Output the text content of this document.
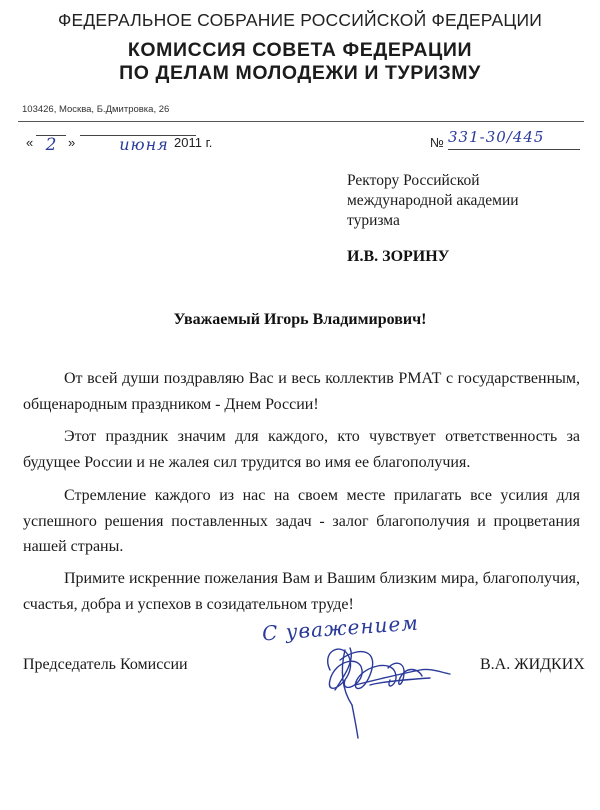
ФЕДЕРАЛЬНОЕ СОБРАНИЕ РОССИЙСКОЙ ФЕДЕРАЦИИ
КОМИССИЯ СОВЕТА ФЕДЕРАЦИИ
ПО ДЕЛАМ МОЛОДЕЖИ И ТУРИЗМУ
103426, Москва, Б.Дмитровка, 26
« 2 »	июня 2011 г.	№ 331-30/445
Ректору Российской
международной академии
туризма
И.В. ЗОРИНУ
Уважаемый Игорь Владимирович!
От всей души поздравляю Вас и весь коллектив РМАТ с государственным, общенародным праздником - Днем России!
Этот праздник значим для каждого, кто чувствует ответственность за будущее России и не жалея сил трудится во имя ее благополучия.
Стремление каждого из нас на своем месте прилагать все усилия для успешного решения поставленных задач - залог благополучия и процветания нашей страны.
Примите искренние пожелания Вам и Вашим близким мира, благополучия, счастья, добра и успехов в созидательном труде!
С уважением
Председатель Комиссии	В.А. ЖИДКИХ
